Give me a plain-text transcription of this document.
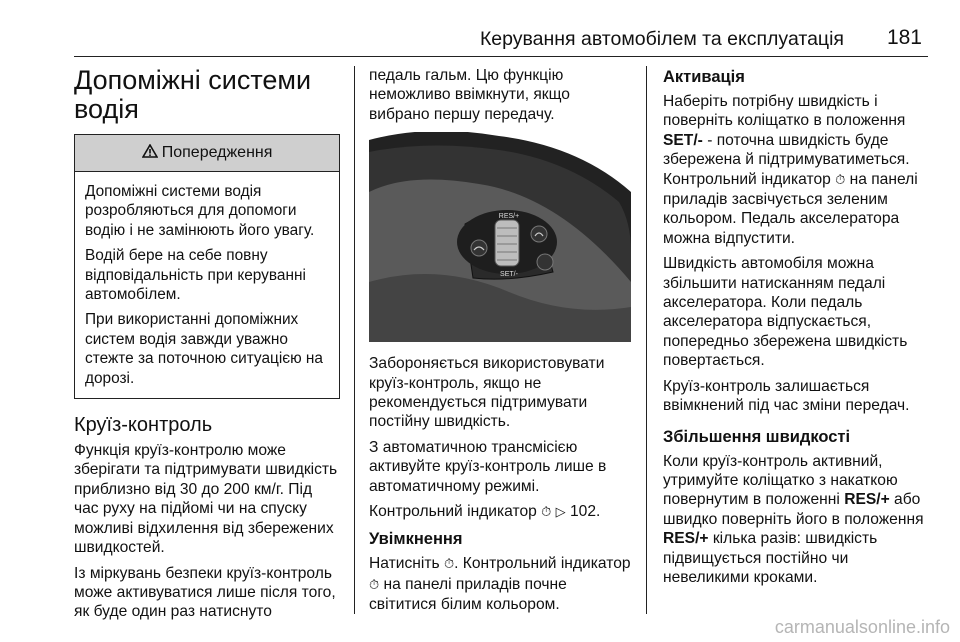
Керування автомобілем та експлуатація 181
Допоміжні системи водія
Попередження

Допоміжні системи водія розробляються для допомоги водію і не замінюють його увагу.

Водій бере на себе повну відповідальність при керуванні автомобілем.

При використанні допоміжних систем водія завжди уважно стежте за поточною ситуацією на дорозі.

Круїз-контроль

Функція круїз-контролю може зберігати та підтримувати швидкість приблизно від 30 до 200 км/г. Під час руху на підйомі чи на спуску можливі відхилення від збережених швидкостей.

Із міркувань безпеки круїз-контроль може активуватися лише після того, як буде один раз натиснуто

педаль гальм. Цю функцію неможливо ввімкнути, якщо вибрано першу передачу.

RES/+
SET/-

Забороняється використовувати круїз-контроль, якщо не рекомендується підтримувати постійну швидкість.

З автоматичною трансмісією активуйте круїз-контроль лише в автоматичному режимі.

Контрольний індикатор ⏱ ▷ 102.

Увімкнення

Натисніть ⏱. Контрольний індикатор ⏱ на панелі приладів почне світитися білим кольором.

Активація

Наберіть потрібну швидкість і поверніть коліщатко в положення SET/- - поточна швидкість буде збережена й підтримуватиметься. Контрольний індикатор ⏱ на панелі приладів засвічується зеленим кольором. Педаль акселератора можна відпустити.

Швидкість автомобіля можна збільшити натисканням педалі акселератора. Коли педаль акселератора відпускається, попередньо збережена швидкість повертається.

Круїз-контроль залишається ввімкнений під час зміни передач.

Збільшення швидкості

Коли круїз-контроль активний, утримуйте коліщатко з накаткою повернутим в положенні RES/+ або швидко поверніть його в положення RES/+ кілька разів: швидкість підвищується постійно чи невеликими кроками.

carmanualsonline.info
